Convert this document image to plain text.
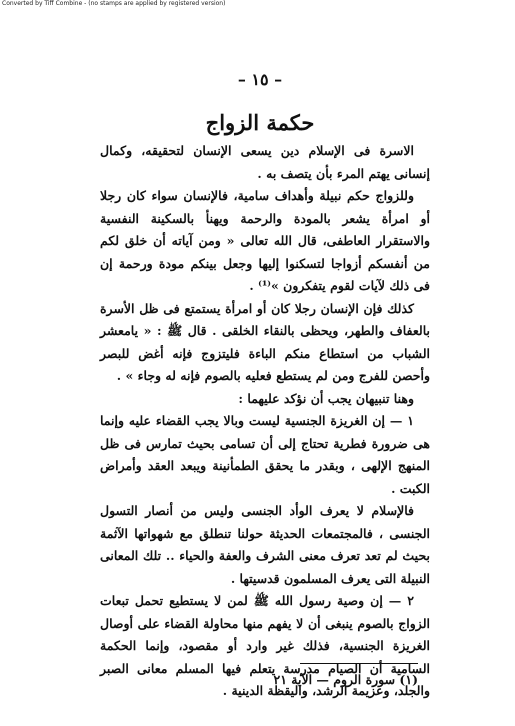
Converted by Tiff Combine - (no stamps are applied by registered version)
– ١٥ –
حكمة الزواج

الاسرة فى الإسلام دين يسعى الإنسان لتحقيقه، وكمال إنسانى يهتم المرء بأن يتصف به .

وللزواج حكم نبيلة وأهداف سامية، فالإنسان سواء كان رجلا أو امرأة يشعر بالمودة والرحمة ويهنأ بالسكينة النفسية والاستقرار العاطفى، قال الله تعالى « ومن آياته أن خلق لكم من أنفسكم أزواجا لتسكنوا إليها وجعل بينكم مودة ورحمة إن فى ذلك لآيات لقوم يتفكرون »⁽¹⁾ .

كذلك فإن الإنسان رجلا كان أو امرأة يستمتع فى ظل الأسرة بالعفاف والطهر، ويحظى بالنقاء الخلقى . قال ﷺ : « يامعشر الشباب من استطاع منكم الباءة فليتزوج فإنه أغض للبصر وأحصن للفرج ومن لم يستطع فعليه بالصوم فإنه له وجاء » .

وهنا تنبيهان يجب أن نؤكد عليهما :

١ — إن الغريزة الجنسية ليست وبالا يجب القضاء عليه وإنما هى ضرورة فطرية تحتاج إلى أن تسامى بحيث تمارس فى ظل المنهج الإلهى ، وبقدر ما يحقق الطمأنينة ويبعد العقد وأمراض الكبت .

فالإسلام لا يعرف الوأد الجنسى وليس من أنصار التسول الجنسى ، فالمجتمعات الحديثة حولنا تنطلق مع شهواتها الآثمة بحيث لم تعد تعرف معنى الشرف والعفة والحياء .. تلك المعانى النبيلة التى يعرف المسلمون قدسيتها .

٢ — إن وصية رسول الله ﷺ لمن لا يستطيع تحمل تبعات الزواج بالصوم ينبغى أن لا يفهم منها محاولة القضاء على أوصال الغريزة الجنسية، فذلك غير وارد أو مقصود، وإنما الحكمة السامية أن الصيام مدرسة يتعلم فيها المسلم معانى الصبر والجلد، وعزيمة الرشد، واليقظة الدينية .

(١) سورة الروم — الآية ٢١
